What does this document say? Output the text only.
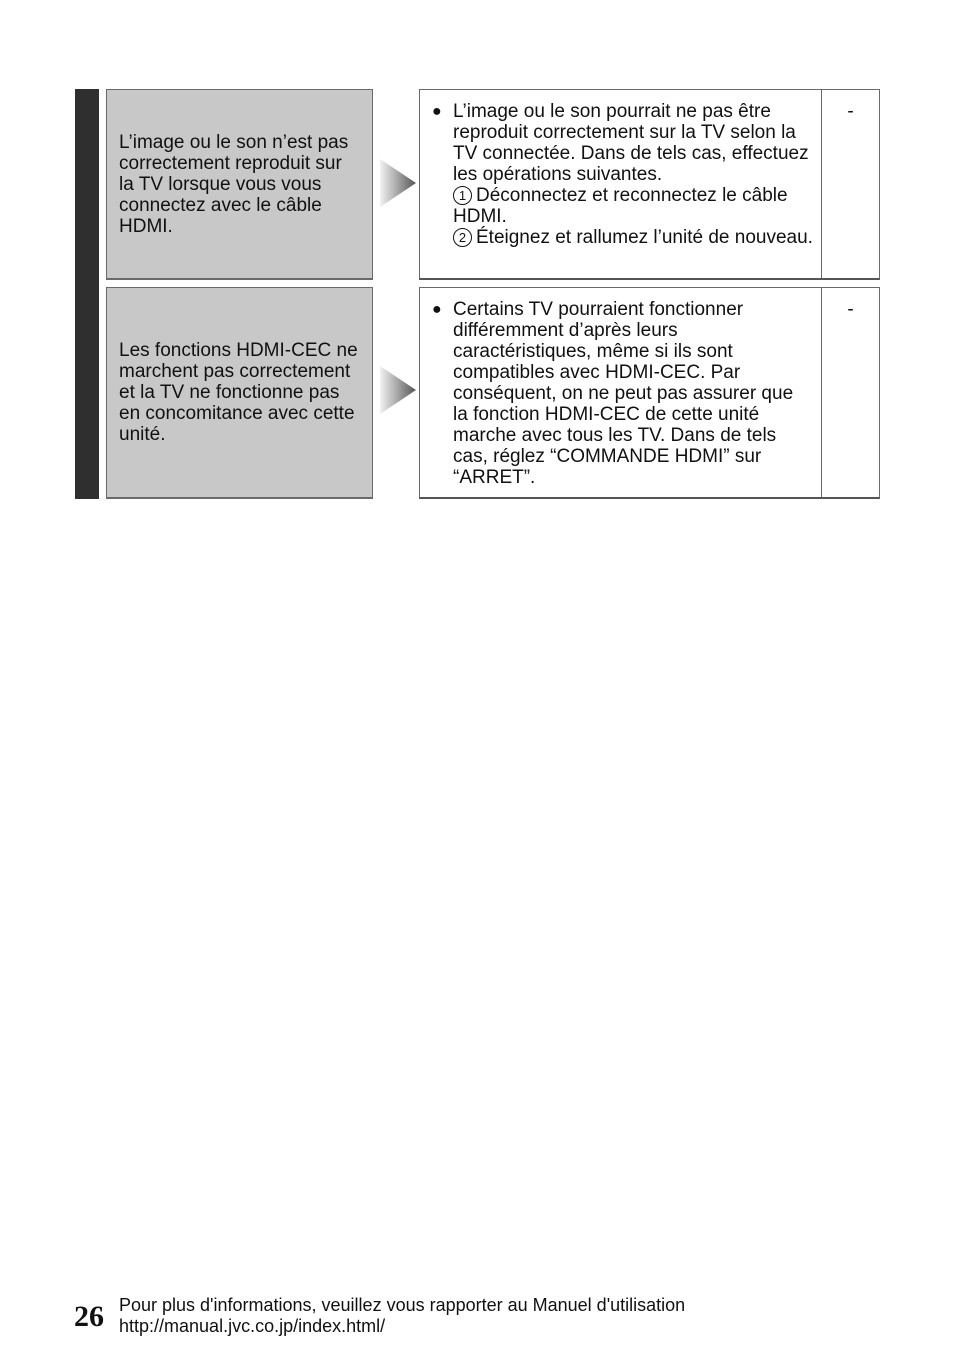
L’image ou le son n’est pas correctement reproduit sur la TV lorsque vous vous connectez avec le câble HDMI.

● L’image ou le son pourrait ne pas être reproduit correctement sur la TV selon la TV connectée. Dans de tels cas, effectuez les opérations suivantes.

1 Déconnectez et reconnectez le câble HDMI.

2 Éteignez et rallumez l’unité de nouveau.

-

Les fonctions HDMI-CEC ne marchent pas correctement et la TV ne fonctionne pas en concomitance avec cette unité.

● Certains TV pourraient fonctionner différemment d’après leurs caractéristiques, même si ils sont compatibles avec HDMI-CEC. Par conséquent, on ne peut pas assurer que la fonction HDMI-CEC de cette unité marche avec tous les TV. Dans de tels cas, réglez “COMMANDE HDMI” sur “ARRET”.

-
26 Pour plus d'informations, veuillez vous rapporter au Manuel d'utilisation

http://manual.jvc.co.jp/index.html/
